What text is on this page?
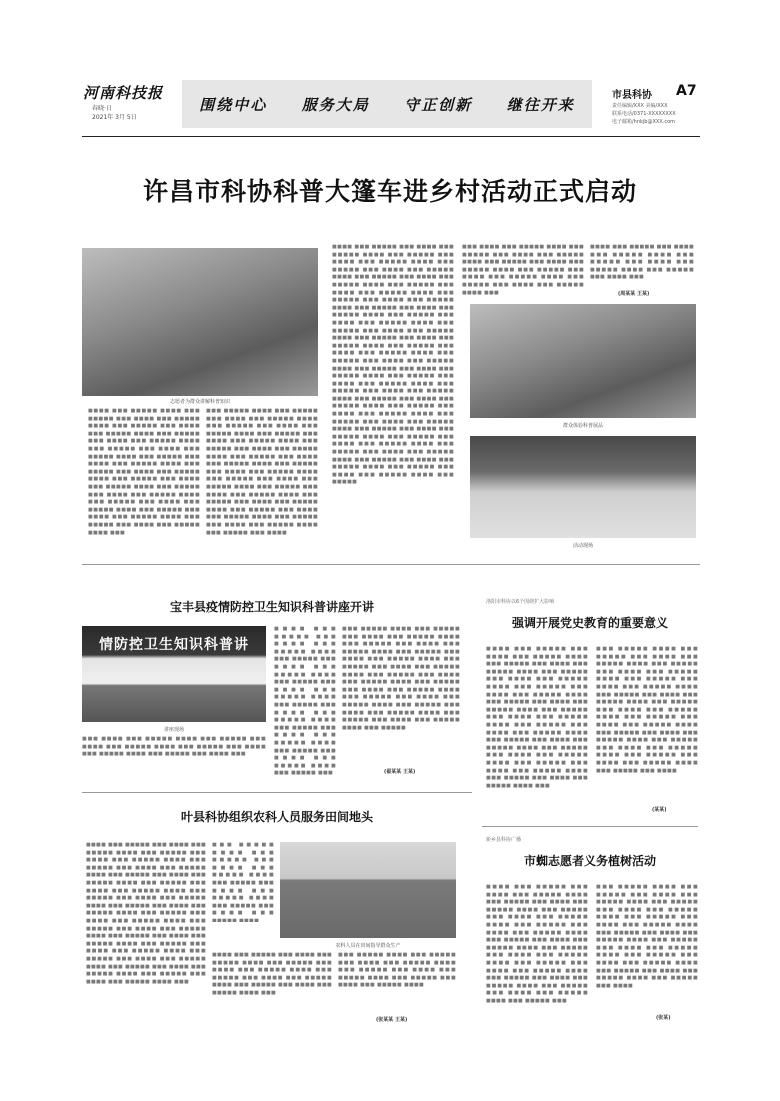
河南科技报
春晓·日
2021年 3月 5日
围绕中心 服务大局 守正创新 继往开来	市县科协 A7
责任编辑/XXX 美编/XXX
联系电话/0371-XXXXXXXX
电子邮箱/hnkjb@XXX.com
许昌市科协科普大篷车进乡村活动正式启动
志愿者为群众讲解科普知识
■■■■ ■■■ ■■■■■ ■■■■ ■■■ ■■■■■ ■■■ ■■■■ ■■■ ■■■■■ ■■■■ ■■■ ■■■■■ ■■■ ■■■■ ■■■ ■■■■■ ■■■■ ■■■ ■■■■■ ■■■ ■■■■ ■■■ ■■■■■ ■■■■ ■■■ ■■■■■ ■■■ ■■■■ ■■■ ■■■■■ ■■■■ ■■■ ■■■■■ ■■■ ■■■■ ■■■ ■■■■■ ■■■■ ■■■ ■■■■■ ■■■ ■■■■ ■■■ ■■■■■ ■■■■ ■■■ ■■■■■ ■■■ ■■■■ ■■■ ■■■■■ ■■■■ ■■■ ■■■■■ ■■■ ■■■■ ■■■ ■■■■■ ■■■■ ■■■ ■■■■■ ■■■ ■■■■ ■■■ ■■■■■ ■■■■ ■■■ ■■■■■ ■■■ ■■■■ ■■■ ■■■■■ ■■■■ ■■■ ■■■■■ ■■■ ■■■■ ■■■ ■■■■■ ■■■■ ■■■
■■■ ■■■■■ ■■■■ ■■■ ■■■■■ ■■■ ■■■■ ■■■ ■■■■■ ■■■■ ■■■ ■■■■■ ■■■ ■■■■ ■■■ ■■■■■ ■■■■ ■■■ ■■■■■ ■■■ ■■■■ ■■■ ■■■■■ ■■■■ ■■■ ■■■■■ ■■■ ■■■■ ■■■ ■■■■■ ■■■■ ■■■ ■■■■■ ■■■ ■■■■ ■■■ ■■■■■ ■■■■ ■■■ ■■■■■ ■■■ ■■■■ ■■■ ■■■■■ ■■■■ ■■■ ■■■■■ ■■■ ■■■■ ■■■ ■■■■■ ■■■■ ■■■ ■■■■■ ■■■ ■■■■ ■■■ ■■■■■ ■■■■ ■■■ ■■■■■ ■■■ ■■■■ ■■■ ■■■■■ ■■■■ ■■■ ■■■■■ ■■■ ■■■■ ■■■ ■■■■■ ■■■■ ■■■ ■■■■■ ■■■ ■■■■ ■■■ ■■■■■ ■■■■ ■■■ ■■■■■ ■■■ ■■■■
■■■■ ■■■ ■■■■■ ■■■ ■■■■ ■■■ ■■■■■ ■■■■ ■■■ ■■■■■ ■■■ ■■■■ ■■■ ■■■■■ ■■■■ ■■■ ■■■■■ ■■■ ■■■■ ■■■ ■■■■■ ■■■■ ■■■ ■■■■■ ■■■ ■■■■ ■■■ ■■■■■ ■■■■ ■■■ ■■■■■ ■■■ ■■■■ ■■■ ■■■■■ ■■■■ ■■■ ■■■■■ ■■■ ■■■■ ■■■ ■■■■■ ■■■■ ■■■ ■■■■■ ■■■ ■■■■ ■■■ ■■■■■ ■■■■ ■■■ ■■■■■ ■■■ ■■■■ ■■■ ■■■■■ ■■■■ ■■■ ■■■■■ ■■■ ■■■■ ■■■ ■■■■■ ■■■■ ■■■ ■■■■■ ■■■ ■■■■ ■■■ ■■■■■ ■■■■ ■■■ ■■■■■ ■■■ ■■■■ ■■■ ■■■■■ ■■■■ ■■■ ■■■■■ ■■■ ■■■■ ■■■ ■■■■■ ■■■■ ■■■ ■■■■■ ■■■ ■■■■ ■■■ ■■■■■ ■■■■ ■■■ ■■■■■ ■■■ ■■■■ ■■■ ■■■■■ ■■■■ ■■■ ■■■■■ ■■■ ■■■■ ■■■ ■■■■■ ■■■■ ■■■ ■■■■■ ■■■ ■■■■ ■■■ ■■■■■ ■■■■ ■■■ ■■■■■ ■■■ ■■■■ ■■■ ■■■■■ ■■■■ ■■■ ■■■■■ ■■■ ■■■■ ■■■ ■■■■■ ■■■■ ■■■ ■■■■■ ■■■ ■■■■ ■■■ ■■■■■ ■■■■ ■■■ ■■■■■ ■■■ ■■■■ ■■■ ■■■■■ ■■■■ ■■■ ■■■■■ ■■■ ■■■■ ■■■ ■■■■■ ■■■■ ■■■ ■■■■■ ■■■ ■■■■ ■■■ ■■■■■ ■■■■ ■■■ ■■■■■ ■■■ ■■■■ ■■■ ■■■■■ ■■■■ ■■■ ■■■■■
■■■ ■■■■ ■■■ ■■■■■ ■■■■ ■■■ ■■■■■ ■■■ ■■■■ ■■■ ■■■■■ ■■■■ ■■■ ■■■■■ ■■■ ■■■■ ■■■ ■■■■■ ■■■■ ■■■ ■■■■■ ■■■ ■■■■ ■■■ ■■■■■ ■■■■ ■■■ ■■■■■ ■■■ ■■■■ ■■■ ■■■■■ ■■■■ ■■■
■■■■ ■■■ ■■■■■ ■■■ ■■■■ ■■■ ■■■■■ ■■■■ ■■■ ■■■■■ ■■■ ■■■■ ■■■ ■■■■■ ■■■■ ■■■ ■■■■■ ■■■ ■■■■ ■■■
(周某某 王某)
群众体验科普展品
活动现场
宝丰县疫情防控卫生知识科普讲座开讲
情防控卫生知识科普讲
讲座现场
■■■ ■■■■ ■■■ ■■■■■ ■■■■ ■■■ ■■■■■ ■■■ ■■■■ ■■■ ■■■■■ ■■■■ ■■■ ■■■■■ ■■■ ■■■■ ■■■ ■■■■■ ■■■■ ■■■ ■■■■■ ■■■ ■■■■ ■■■
■■■■ ■■■ ■■■■■ ■■■ ■■■■ ■■■ ■■■■■ ■■■■ ■■■ ■■■■■ ■■■ ■■■■ ■■■ ■■■■■ ■■■■ ■■■ ■■■■■ ■■■ ■■■■ ■■■ ■■■■■ ■■■■ ■■■ ■■■■■ ■■■ ■■■■ ■■■ ■■■■■ ■■■■ ■■■ ■■■■■ ■■■ ■■■■ ■■■ ■■■■■ ■■■■ ■■■ ■■■■■ ■■■ ■■■■ ■■■ ■■■■■ ■■■■ ■■■ ■■■■■ ■■■
■■■ ■■■■■ ■■■■ ■■■ ■■■■■ ■■■ ■■■■ ■■■ ■■■■■ ■■■■ ■■■ ■■■■■ ■■■ ■■■■ ■■■ ■■■■■ ■■■■ ■■■ ■■■■■ ■■■ ■■■■ ■■■ ■■■■■ ■■■■ ■■■ ■■■■■ ■■■ ■■■■ ■■■ ■■■■■ ■■■■ ■■■ ■■■■■ ■■■ ■■■■ ■■■ ■■■■■ ■■■■ ■■■ ■■■■■ ■■■ ■■■■ ■■■ ■■■■■ ■■■■ ■■■ ■■■■■ ■■■ ■■■■ ■■■ ■■■■■ ■■■■ ■■■ ■■■■■ ■■■ ■■■■ ■■■ ■■■■■ ■■■■ ■■■ ■■■■■ ■■■ ■■■■ ■■■ ■■■■■ ■■■■ ■■■ ■■■■■
(翟某某 王某)
洛阳市科协以6个围绕扩大影响
强调开展党史教育的重要意义
■■■■ ■■■ ■■■■■ ■■■ ■■■■ ■■■ ■■■■■ ■■■■ ■■■ ■■■■■ ■■■ ■■■■ ■■■ ■■■■■ ■■■■ ■■■ ■■■■■ ■■■ ■■■■ ■■■ ■■■■■ ■■■■ ■■■ ■■■■■ ■■■ ■■■■ ■■■ ■■■■■ ■■■■ ■■■ ■■■■■ ■■■ ■■■■ ■■■ ■■■■■ ■■■■ ■■■ ■■■■■ ■■■ ■■■■ ■■■ ■■■■■ ■■■■ ■■■ ■■■■■ ■■■ ■■■■ ■■■ ■■■■■ ■■■■ ■■■ ■■■■■ ■■■ ■■■■ ■■■ ■■■■■ ■■■■ ■■■ ■■■■■ ■■■ ■■■■ ■■■ ■■■■■ ■■■■ ■■■ ■■■■■ ■■■ ■■■■ ■■■ ■■■■■ ■■■■ ■■■ ■■■■■ ■■■ ■■■■ ■■■ ■■■■■ ■■■■ ■■■
■■■ ■■■■■ ■■■■ ■■■ ■■■■■ ■■■ ■■■■ ■■■ ■■■■■ ■■■■ ■■■ ■■■■■ ■■■ ■■■■ ■■■ ■■■■■ ■■■■ ■■■ ■■■■■ ■■■ ■■■■ ■■■ ■■■■■ ■■■■ ■■■ ■■■■■ ■■■ ■■■■ ■■■ ■■■■■ ■■■■ ■■■ ■■■■■ ■■■ ■■■■ ■■■ ■■■■■ ■■■■ ■■■ ■■■■■ ■■■ ■■■■ ■■■ ■■■■■ ■■■■ ■■■ ■■■■■ ■■■ ■■■■ ■■■ ■■■■■ ■■■■ ■■■ ■■■■■ ■■■ ■■■■ ■■■ ■■■■■ ■■■■ ■■■ ■■■■■ ■■■ ■■■■ ■■■ ■■■■■ ■■■■ ■■■ ■■■■■ ■■■ ■■■■
(某某)
叶县科协组织农科人员服务田间地头
■■■■ ■■■ ■■■■■ ■■■ ■■■■ ■■■ ■■■■■ ■■■■ ■■■ ■■■■■ ■■■ ■■■■ ■■■ ■■■■■ ■■■■ ■■■ ■■■■■ ■■■ ■■■■ ■■■ ■■■■■ ■■■■ ■■■ ■■■■■ ■■■ ■■■■ ■■■ ■■■■■ ■■■■ ■■■ ■■■■■ ■■■ ■■■■ ■■■ ■■■■■ ■■■■ ■■■ ■■■■■ ■■■ ■■■■ ■■■ ■■■■■ ■■■■ ■■■ ■■■■■ ■■■ ■■■■ ■■■ ■■■■■ ■■■■ ■■■ ■■■■■ ■■■ ■■■■ ■■■ ■■■■■ ■■■■ ■■■ ■■■■■ ■■■ ■■■■ ■■■ ■■■■■ ■■■■ ■■■ ■■■■■ ■■■ ■■■■ ■■■ ■■■■■ ■■■■ ■■■ ■■■■■ ■■■ ■■■■ ■■■ ■■■■■ ■■■■ ■■■ ■■■■■ ■■■ ■■■■ ■■■ ■■■■■ ■■■■ ■■■ ■■■■■ ■■■ ■■■■ ■■■ ■■■■■ ■■■■ ■■■ ■■■■■ ■■■ ■■■■ ■■■ ■■■■■ ■■■■ ■■■
■■■ ■■■■■ ■■■■ ■■■ ■■■■■ ■■■ ■■■■ ■■■ ■■■■■ ■■■■ ■■■ ■■■■■ ■■■ ■■■■ ■■■ ■■■■■ ■■■■ ■■■ ■■■■■ ■■■ ■■■■ ■■■ ■■■■■ ■■■■
农科人员在田间指导群众生产
■■■■ ■■■ ■■■■■ ■■■ ■■■■ ■■■ ■■■■■ ■■■■ ■■■ ■■■■■ ■■■ ■■■■ ■■■ ■■■■■ ■■■■ ■■■ ■■■■■ ■■■ ■■■■ ■■■ ■■■■■ ■■■■ ■■■ ■■■■■ ■■■ ■■■■ ■■■ ■■■■■ ■■■■ ■■■
■■■ ■■■■■ ■■■■ ■■■ ■■■■■ ■■■ ■■■■ ■■■ ■■■■■ ■■■■ ■■■ ■■■■■ ■■■ ■■■■ ■■■ ■■■■■ ■■■■ ■■■ ■■■■■ ■■■ ■■■■ ■■■ ■■■■■ ■■■■
(张某某 王某)
新乡县科协广播
市蜘志愿者义务植树活动
■■■■ ■■■ ■■■■■ ■■■ ■■■■ ■■■ ■■■■■ ■■■■ ■■■ ■■■■■ ■■■ ■■■■ ■■■ ■■■■■ ■■■■ ■■■ ■■■■■ ■■■ ■■■■ ■■■ ■■■■■ ■■■■ ■■■ ■■■■■ ■■■ ■■■■ ■■■ ■■■■■ ■■■■ ■■■ ■■■■■ ■■■ ■■■■ ■■■ ■■■■■ ■■■■ ■■■ ■■■■■ ■■■ ■■■■ ■■■ ■■■■■ ■■■■ ■■■ ■■■■■ ■■■ ■■■■ ■■■ ■■■■■ ■■■■ ■■■ ■■■■■ ■■■ ■■■■ ■■■ ■■■■■ ■■■■ ■■■ ■■■■■ ■■■ ■■■■ ■■■ ■■■■■ ■■■■ ■■■ ■■■■■ ■■■
■■■ ■■■■■ ■■■■ ■■■ ■■■■■ ■■■ ■■■■ ■■■ ■■■■■ ■■■■ ■■■ ■■■■■ ■■■ ■■■■ ■■■ ■■■■■ ■■■■ ■■■ ■■■■■ ■■■ ■■■■ ■■■ ■■■■■ ■■■■ ■■■ ■■■■■ ■■■ ■■■■ ■■■ ■■■■■ ■■■■ ■■■ ■■■■■ ■■■ ■■■■ ■■■ ■■■■■ ■■■■ ■■■ ■■■■■ ■■■ ■■■■ ■■■ ■■■■■ ■■■■ ■■■ ■■■■■ ■■■ ■■■■ ■■■ ■■■■■ ■■■■ ■■■ ■■■■■ ■■■ ■■■■
(张某)
